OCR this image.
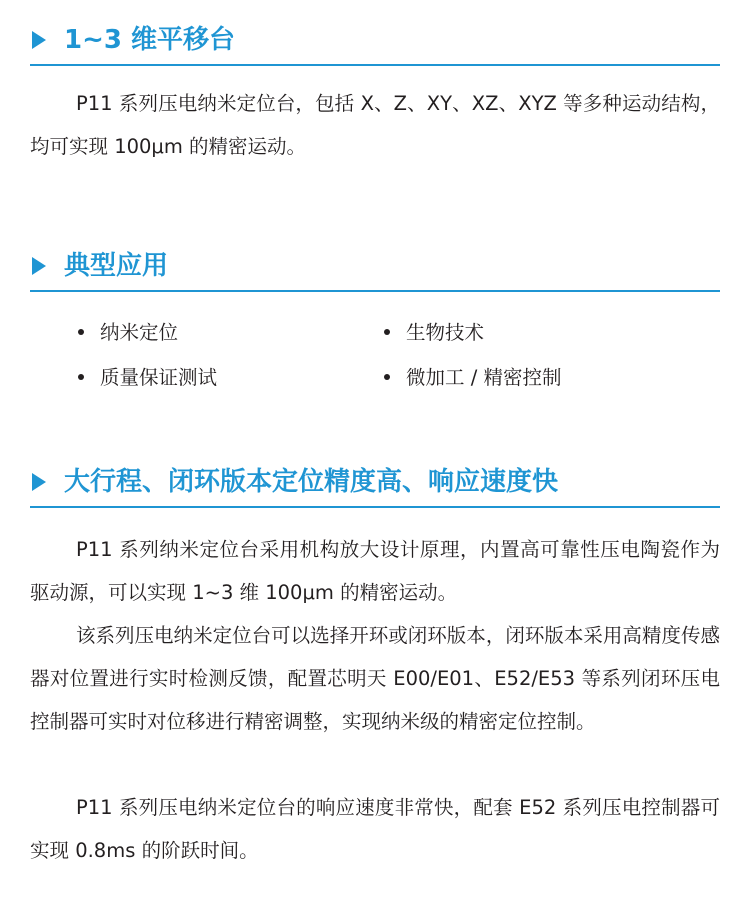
1~3 维平移台

P11 系列压电纳米定位台，包括 X、Z、XY、XZ、XYZ 等多种运动结构，均可实现 100μm 的精密运动。

典型应用
纳米定位	生物技术
质量保证测试	微加工 / 精密控制
大行程、闭环版本定位精度高、响应速度快

P11 系列纳米定位台采用机构放大设计原理，内置高可靠性压电陶瓷作为驱动源，可以实现 1~3 维 100μm 的精密运动。

该系列压电纳米定位台可以选择开环或闭环版本，闭环版本采用高精度传感器对位置进行实时检测反馈，配置芯明天 E00/E01、E52/E53 等系列闭环压电控制器可实时对位移进行精密调整，实现纳米级的精密定位控制。

P11 系列压电纳米定位台的响应速度非常快，配套 E52 系列压电控制器可实现 0.8ms 的阶跃时间。
